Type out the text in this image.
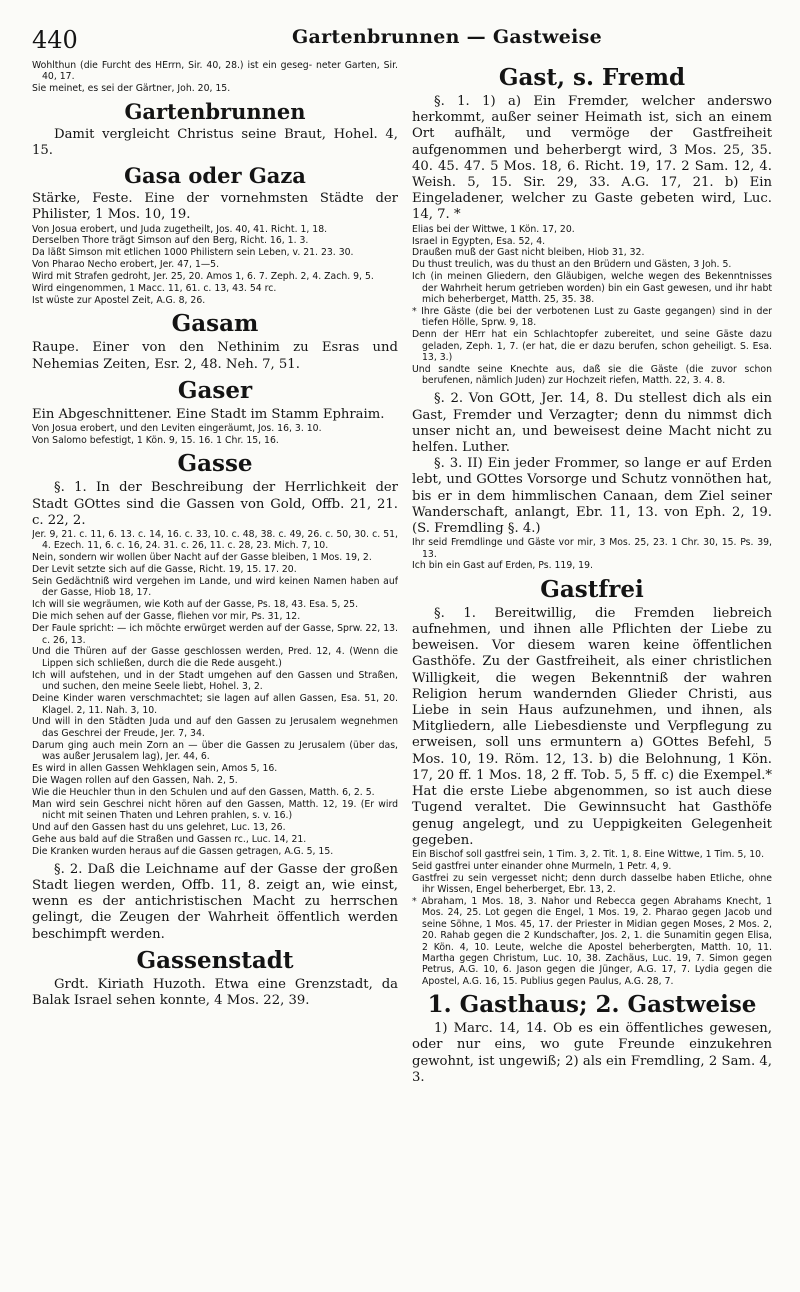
440	Gartenbrunnen — Gastweise

Wohlthun (die Furcht des HErrn, Sir. 40, 28.) ist ein geseg- neter Garten, Sir. 40, 17.

Sie meinet, es sei der Gärtner, Joh. 20, 15.

Gartenbrunnen

Damit vergleicht Christus seine Braut, Hohel. 4, 15.

Gasa oder Gaza

Stärke, Feste. Eine der vornehmsten Städte der Philister, 1 Mos. 10, 19.

Von Josua erobert, und Juda zugetheilt, Jos. 40, 41. Richt. 1, 18.

Derselben Thore trägt Simson auf den Berg, Richt. 16, 1. 3.

Da läßt Simson mit etlichen 1000 Philistern sein Leben, v. 21. 23. 30.

Von Pharao Necho erobert, Jer. 47, 1—5.

Wird mit Strafen gedroht, Jer. 25, 20. Amos 1, 6. 7. Zeph. 2, 4. Zach. 9, 5.

Wird eingenommen, 1 Macc. 11, 61. c. 13, 43. 54 rc.

Ist wüste zur Apostel Zeit, A.G. 8, 26.

Gasam

Raupe. Einer von den Nethinim zu Esras und Nehemias Zeiten, Esr. 2, 48. Neh. 7, 51.

Gaser

Ein Abgeschnittener. Eine Stadt im Stamm Ephraim.

Von Josua erobert, und den Leviten eingeräumt, Jos. 16, 3. 10.

Von Salomo befestigt, 1 Kön. 9, 15. 16. 1 Chr. 15, 16.

Gasse

§. 1. In der Beschreibung der Herrlichkeit der Stadt GOttes sind die Gassen von Gold, Offb. 21, 21. c. 22, 2.

Jer. 9, 21. c. 11, 6. 13. c. 14, 16. c. 33, 10. c. 48, 38. c. 49, 26. c. 50, 30. c. 51, 4. Ezech. 11, 6. c. 16, 24. 31. c. 26, 11. c. 28, 23. Mich. 7, 10.

Nein, sondern wir wollen über Nacht auf der Gasse bleiben, 1 Mos. 19, 2.

Der Levit setzte sich auf die Gasse, Richt. 19, 15. 17. 20.

Sein Gedächtniß wird vergehen im Lande, und wird keinen Namen haben auf der Gasse, Hiob 18, 17.

Ich will sie wegräumen, wie Koth auf der Gasse, Ps. 18, 43. Esa. 5, 25.

Die mich sehen auf der Gasse, fliehen vor mir, Ps. 31, 12.

Der Faule spricht: — ich möchte erwürget werden auf der Gasse, Sprw. 22, 13. c. 26, 13.

Und die Thüren auf der Gasse geschlossen werden, Pred. 12, 4. (Wenn die Lippen sich schließen, durch die die Rede ausgeht.)

Ich will aufstehen, und in der Stadt umgehen auf den Gassen und Straßen, und suchen, den meine Seele liebt, Hohel. 3, 2.

Deine Kinder waren verschmachtet; sie lagen auf allen Gassen, Esa. 51, 20. Klagel. 2, 11. Nah. 3, 10.

Und will in den Städten Juda und auf den Gassen zu Jerusalem wegnehmen das Geschrei der Freude, Jer. 7, 34.

Darum ging auch mein Zorn an — über die Gassen zu Jerusalem (über das, was außer Jerusalem lag), Jer. 44, 6.

Es wird in allen Gassen Wehklagen sein, Amos 5, 16.

Die Wagen rollen auf den Gassen, Nah. 2, 5.

Wie die Heuchler thun in den Schulen und auf den Gassen, Matth. 6, 2. 5.

Man wird sein Geschrei nicht hören auf den Gassen, Matth. 12, 19. (Er wird nicht mit seinen Thaten und Lehren prahlen, s. v. 16.)

Und auf den Gassen hast du uns gelehret, Luc. 13, 26.

Gehe aus bald auf die Straßen und Gassen rc., Luc. 14, 21.

Die Kranken wurden heraus auf die Gassen getragen, A.G. 5, 15.

§. 2. Daß die Leichname auf der Gasse der großen Stadt liegen werden, Offb. 11, 8. zeigt an, wie einst, wenn es der antichristischen Macht zu herrschen gelingt, die Zeugen der Wahrheit öffentlich werden beschimpft werden.

Gassenstadt

Grdt. Kiriath Huzoth. Etwa eine Grenzstadt, da Balak Israel sehen konnte, 4 Mos. 22, 39.

Gast, s. Fremd

§. 1. 1) a) Ein Fremder, welcher anderswo herkommt, außer seiner Heimath ist, sich an einem Ort aufhält, und vermöge der Gastfreiheit aufgenommen und beherbergt wird, 3 Mos. 25, 35. 40. 45. 47. 5 Mos. 18, 6. Richt. 19, 17. 2 Sam. 12, 4. Weish. 5, 15. Sir. 29, 33. A.G. 17, 21. b) Ein Eingeladener, welcher zu Gaste gebeten wird, Luc. 14, 7. *

Elias bei der Wittwe, 1 Kön. 17, 20.

Israel in Egypten, Esa. 52, 4.

Draußen muß der Gast nicht bleiben, Hiob 31, 32.

Du thust treulich, was du thust an den Brüdern und Gästen, 3 Joh. 5.

Ich (in meinen Gliedern, den Gläubigen, welche wegen des Bekenntnisses der Wahrheit herum getrieben worden) bin ein Gast gewesen, und ihr habt mich beherberget, Matth. 25, 35. 38.

* Ihre Gäste (die bei der verbotenen Lust zu Gaste gegangen) sind in der tiefen Hölle, Sprw. 9, 18.

Denn der HErr hat ein Schlachtopfer zubereitet, und seine Gäste dazu geladen, Zeph. 1, 7. (er hat, die er dazu berufen, schon geheiligt. S. Esa. 13, 3.)

Und sandte seine Knechte aus, daß sie die Gäste (die zuvor schon berufenen, nämlich Juden) zur Hochzeit riefen, Matth. 22, 3. 4. 8.

§. 2. Von GOtt, Jer. 14, 8. Du stellest dich als ein Gast, Fremder und Verzagter; denn du nimmst dich unser nicht an, und beweisest deine Macht nicht zu helfen. Luther.

§. 3. II) Ein jeder Frommer, so lange er auf Erden lebt, und GOttes Vorsorge und Schutz vonnöthen hat, bis er in dem himmlischen Canaan, dem Ziel seiner Wanderschaft, anlangt, Ebr. 11, 13. von Eph. 2, 19. (S. Fremdling §. 4.)

Ihr seid Fremdlinge und Gäste vor mir, 3 Mos. 25, 23. 1 Chr. 30, 15. Ps. 39, 13.

Ich bin ein Gast auf Erden, Ps. 119, 19.

Gastfrei

§. 1. Bereitwillig, die Fremden liebreich aufnehmen, und ihnen alle Pflichten der Liebe zu beweisen. Vor diesem waren keine öffentlichen Gasthöfe. Zu der Gastfreiheit, als einer christlichen Willigkeit, die wegen Bekenntniß der wahren Religion herum wandernden Glieder Christi, aus Liebe in sein Haus aufzunehmen, und ihnen, als Mitgliedern, alle Liebesdienste und Verpflegung zu erweisen, soll uns ermuntern a) GOttes Befehl, 5 Mos. 10, 19. Röm. 12, 13. b) die Belohnung, 1 Kön. 17, 20 ff. 1 Mos. 18, 2 ff. Tob. 5, 5 ff. c) die Exempel.* Hat die erste Liebe abgenommen, so ist auch diese Tugend veraltet. Die Gewinnsucht hat Gasthöfe genug angelegt, und zu Ueppigkeiten Gelegenheit gegeben.

Ein Bischof soll gastfrei sein, 1 Tim. 3, 2. Tit. 1, 8. Eine Wittwe, 1 Tim. 5, 10.

Seid gastfrei unter einander ohne Murmeln, 1 Petr. 4, 9.

Gastfrei zu sein vergesset nicht; denn durch dasselbe haben Etliche, ohne ihr Wissen, Engel beherberget, Ebr. 13, 2.

* Abraham, 1 Mos. 18, 3. Nahor und Rebecca gegen Abrahams Knecht, 1 Mos. 24, 25. Lot gegen die Engel, 1 Mos. 19, 2. Pharao gegen Jacob und seine Söhne, 1 Mos. 45, 17. der Priester in Midian gegen Moses, 2 Mos. 2, 20. Rahab gegen die 2 Kundschafter, Jos. 2, 1. die Sunamitin gegen Elisa, 2 Kön. 4, 10. Leute, welche die Apostel beherbergten, Matth. 10, 11. Martha gegen Christum, Luc. 10, 38. Zachäus, Luc. 19, 7. Simon gegen Petrus, A.G. 10, 6. Jason gegen die Jünger, A.G. 17, 7. Lydia gegen die Apostel, A.G. 16, 15. Publius gegen Paulus, A.G. 28, 7.

1. Gasthaus; 2. Gastweise

1) Marc. 14, 14. Ob es ein öffentliches gewesen, oder nur eins, wo gute Freunde einzukehren gewohnt, ist ungewiß; 2) als ein Fremdling, 2 Sam. 4, 3.
